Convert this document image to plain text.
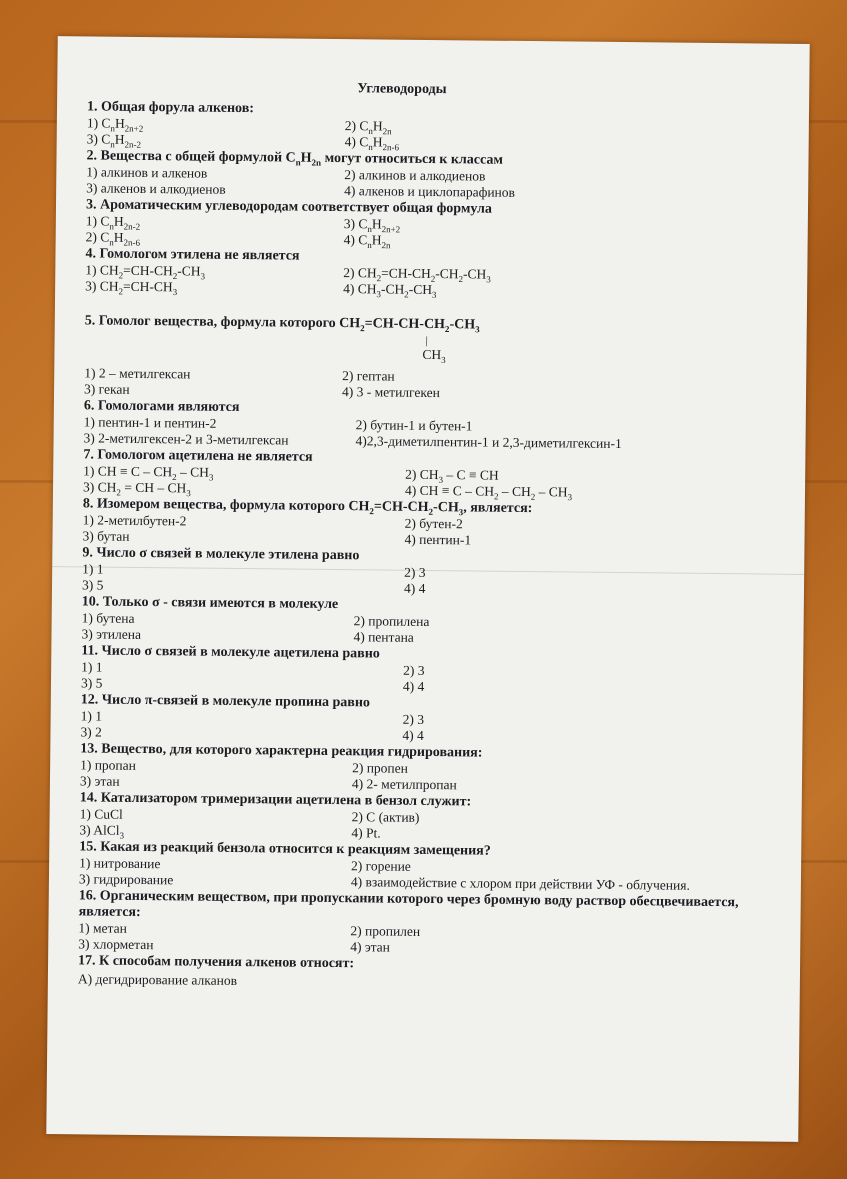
Углеводороды
1. Общая форула алкенов:
1) $C_nH_{2n+2}$	2) $C_nH_{2n}$
3) $C_nH_{2n-2}$	4) $C_nH_{2n-6}$
2. Вещества с общей формулой $C_nH_{2n}$ могут относиться к классам
1) алкинов и алкенов	2) алкинов и алкодиенов
3) алкенов и алкодиенов	4) алкенов и циклопарафинов
3. Ароматическим углеводородам соответствует общая формула
1) $C_nH_{2n-2}$	3) $C_nH_{2n+2}$
2) $C_nH_{2n-6}$	4) $C_nH_{2n}$
4. Гомологом этилена не является
1) $CH_2=CH-CH_2-CH_3$	2) $CH_2=CH-CH_2-CH_2-CH_3$
3) $CH_2=CH-CH_3$	4) $CH_3-CH_2-CH_3$
5. Гомолог вещества, формула которого $CH_2=CH-CH-CH_2-CH_3$
|
$CH_3$
1) 2 – метилгексан	2) гептан
3) гекан	4) 3 - метилгекен
6. Гомологами являются
1) пентин-1 и пентин-2	2) бутин-1 и бутен-1
3) 2-метилгексен-2 и 3-метилгексан	4)2,3-диметилпентин-1 и 2,3-диметилгексин-1
7. Гомологом ацетилена не является
1) CH ≡ C – $CH_2 - CH_3$	2) $CH_3$ – C ≡ CH
3) $CH_2$ = CH – $CH_3$	4) CH ≡ C – $CH_2 - CH_2 - CH_3$
8. Изомером вещества, формула которого $CH_2=CH-CH_2-CH_3$, является:
1) 2-метилбутен-2	2) бутен-2
3) бутан	4) пентин-1
9. Число σ связей в молекуле этилена равно
1) 1	2) 3
3) 5	4) 4
10. Только σ - связи имеются в молекуле
1) бутена	2) пропилена
3) этилена	4) пентана
11. Число σ связей в молекуле ацетилена равно
1) 1	2) 3
3) 5	4) 4
12. Число π-связей в молекуле пропина равно
1) 1	2) 3
3) 2	4) 4
13. Вещество, для которого характерна реакция гидрирования:
1) пропан	2) пропен
3) этан	4) 2- метилпропан
14. Катализатором тримеризации ацетилена в бензол служит:
1) CuCl	2) C (актив)
3) AlCl$_3$	4) Pt.
15. Какая из реакций бензола относится к реакциям замещения?
1) нитрование	2) горение
3) гидрирование	4) взаимодействие с хлором при действии УФ - облучения.
16. Органическим веществом, при пропускании которого через бромную воду раствор обесцвечивается, является:
1) метан	2) пропилен
3) хлорметан	4) этан
17. К способам получения алкенов относят:
А) дегидрирование алканов
